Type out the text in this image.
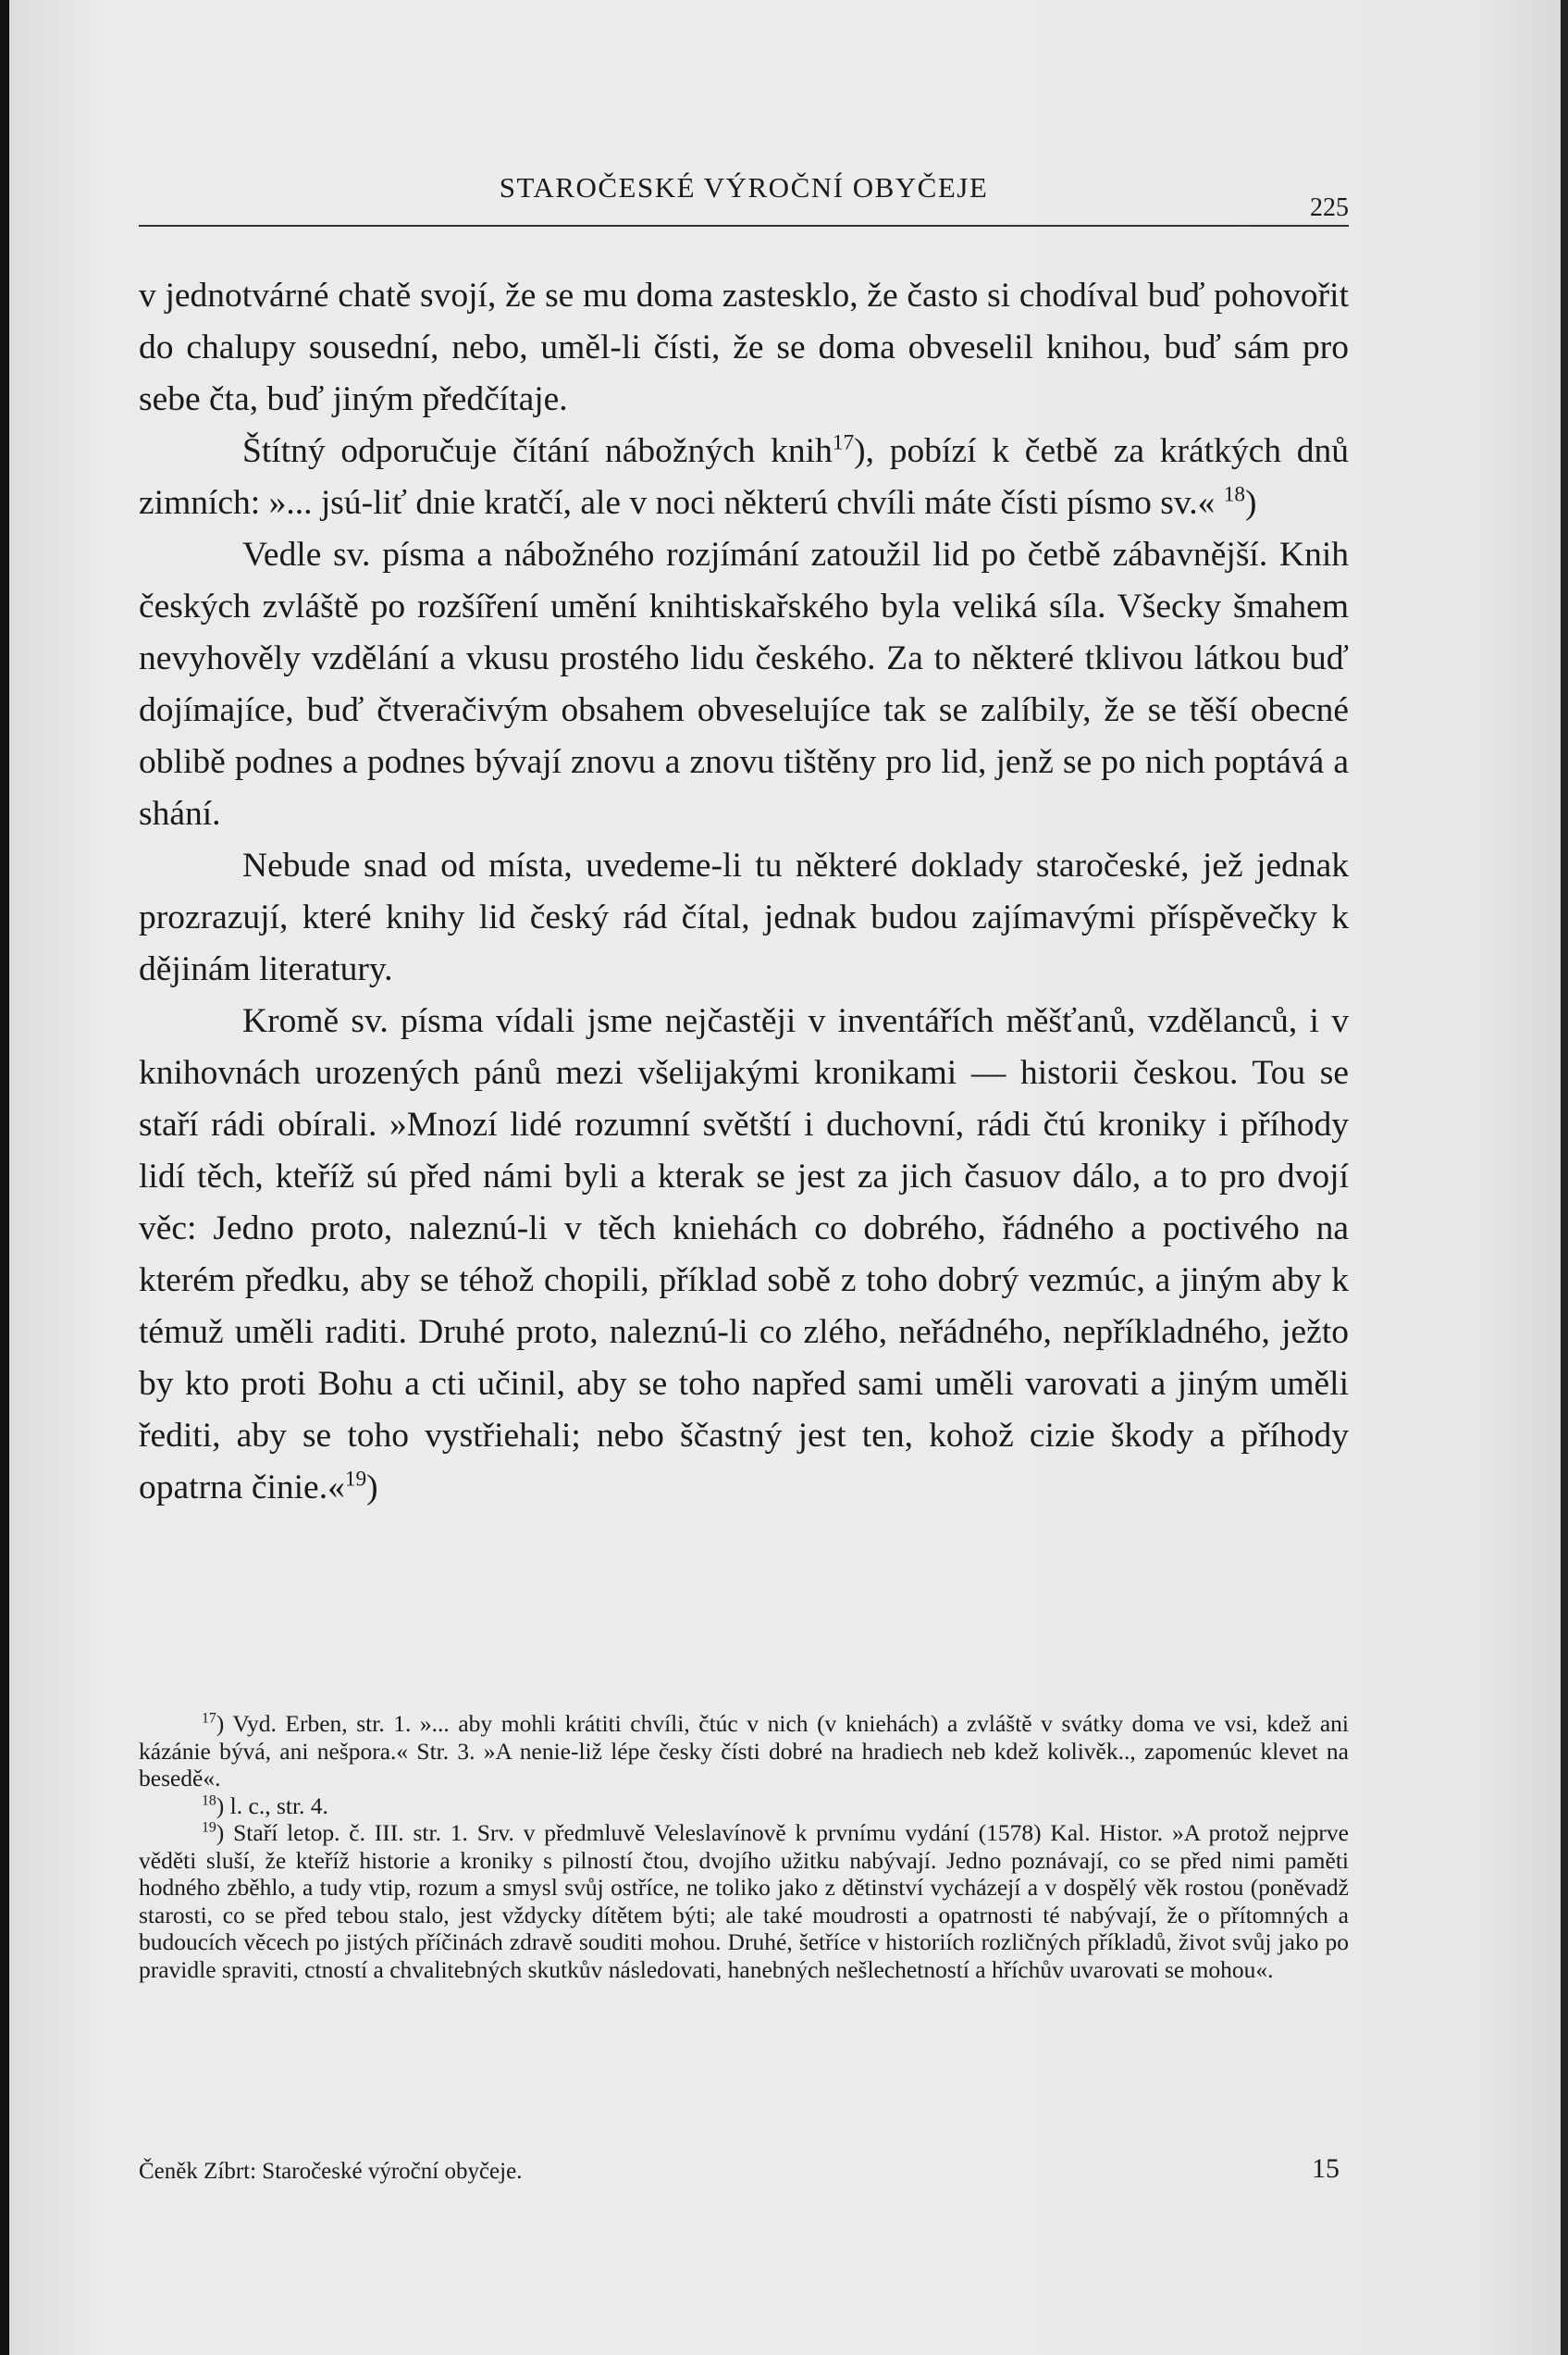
STAROČESKÉ VÝROČNÍ OBYČEJE
225

v jednotvárné chatě svojí, že se mu doma zastesklo, že často si chodíval buď pohovořit do chalupy sousední, nebo, uměl-li čísti, že se doma obveselil knihou, buď sám pro sebe čta, buď jiným předčítaje.

Štítný odporučuje čítání nábožných knih$^{17}$), pobízí k četbě za krátkých dnů zimních: »... jsú-liť dnie kratčí, ale v noci některú chvíli máte čísti písmo sv.« $^{18}$)

Vedle sv. písma a nábožného rozjímání zatoužil lid po četbě zábavnější. Knih českých zvláště po rozšíření umění knihtiskařského byla veliká síla. Všecky šmahem nevyhověly vzdělání a vkusu prostého lidu českého. Za to některé tklivou látkou buď dojímajíce, buď čtveračivým obsahem obveselujíce tak se zalíbily, že se těší obecné oblibě podnes a podnes bývají znovu a znovu tištěny pro lid, jenž se po nich poptává a shání.

Nebude snad od místa, uvedeme-li tu některé doklady staročeské, jež jednak prozrazují, které knihy lid český rád čítal, jednak budou zajímavými příspěvečky k dějinám literatury.

Kromě sv. písma vídali jsme nejčastěji v inventářích měšťanů, vzdělanců, i v knihovnách urozených pánů mezi všelijakými kronikami — historii českou. Tou se staří rádi obírali. »Mnozí lidé rozumní světští i duchovní, rádi čtú kroniky i příhody lidí těch, kteříž sú před námi byli a kterak se jest za jich časuov dálo, a to pro dvojí věc: Jedno proto, naleznú-li v těch kniehách co dobrého, řádného a poctivého na kterém předku, aby se téhož chopili, příklad sobě z toho dobrý vezmúc, a jiným aby k témuž uměli raditi. Druhé proto, naleznú-li co zlého, neřádného, nepříkladného, ježto by kto proti Bohu a cti učinil, aby se toho napřed sami uměli varovati a jiným uměli řediti, aby se toho vystřiehali; nebo ščastný jest ten, kohož cizie škody a příhody opatrna činie.«$^{19}$)

$^{17}$) Vyd. Erben, str. 1. »... aby mohli krátiti chvíli, čtúc v nich (v kniehách) a zvláště v svátky doma ve vsi, kdež ani kázánie bývá, ani nešpora.« Str. 3. »A nenie-liž lépe česky čísti dobré na hradiech neb kdež kolivěk.., zapomenúc klevet na besedě«.

$^{18}$) l. c., str. 4.

$^{19}$) Staří letop. č. III. str. 1. Srv. v předmluvě Veleslavínově k prvnímu vydání (1578) Kal. Histor. »A protož nejprve věděti sluší, že kteříž historie a kroniky s pilností čtou, dvojího užitku nabývají. Jedno poznávají, co se před nimi paměti hodného zběhlo, a tudy vtip, rozum a smysl svůj ostříce, ne toliko jako z dětinství vycházejí a v dospělý věk rostou (poněvadž starosti, co se před tebou stalo, jest vždycky dítětem býti; ale také moudrosti a opatrnosti té nabývají, že o přítomných a budoucích věcech po jistých příčinách zdravě souditi mohou. Druhé, šetříce v historiích rozličných příkladů, život svůj jako po pravidle spraviti, ctností a chvalitebných skutkův následovati, hanebných nešlechetností a hříchův uvarovati se mohou«.

Čeněk Zíbrt: Staročeské výroční obyčeje.	15
